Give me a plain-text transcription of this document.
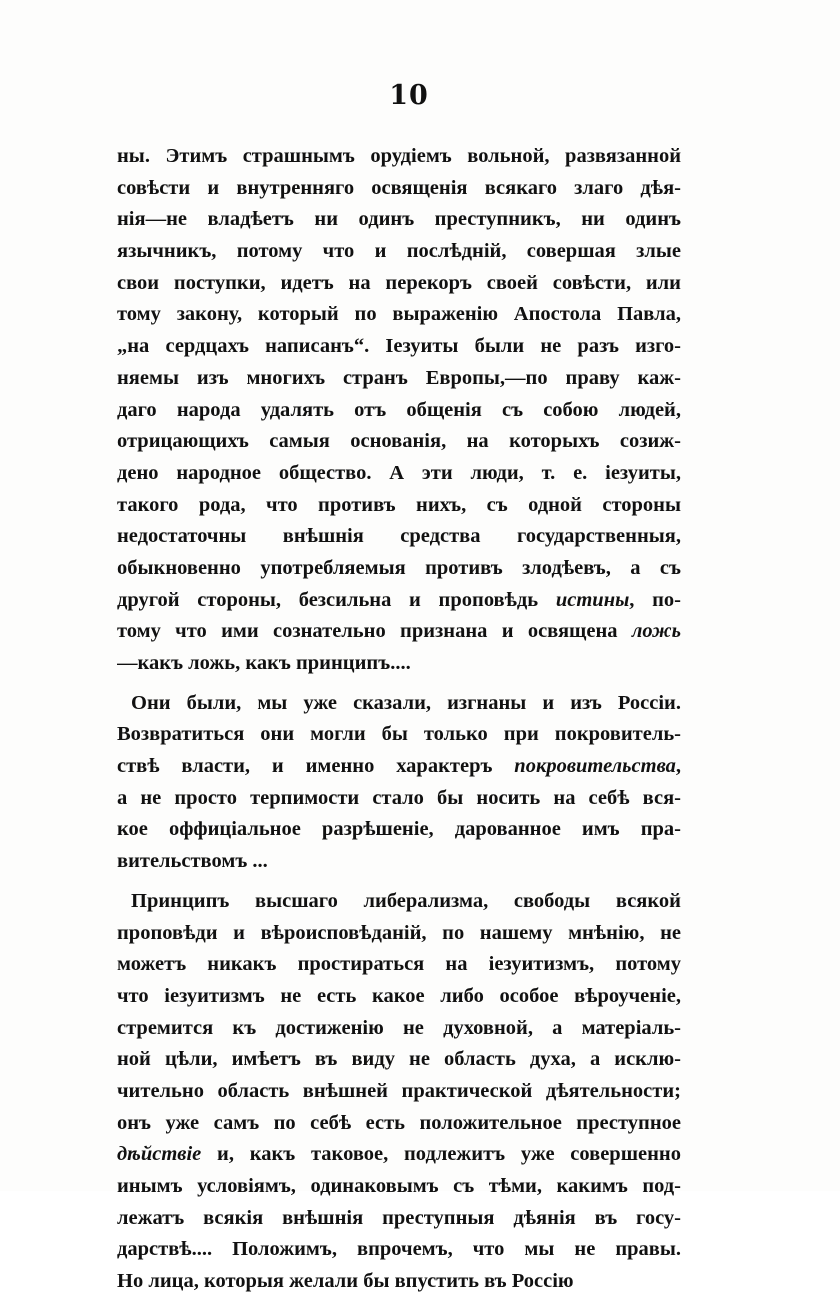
10
ны. Этимъ страшнымъ орудіемъ вольной, развязанной
совѣсти и внутренняго освященія всякаго злаго дѣя-
нія—не владѣетъ ни одинъ преступникъ, ни одинъ
язычникъ, потому что и послѣдній, совершая злые
свои поступки, идетъ на перекоръ своей совѣсти, или
тому закону, который по выраженію Апостола Павла,
„на сердцахъ написанъ“. Іезуиты были не разъ изго-
няемы изъ многихъ странъ Европы,—по праву каж-
даго народа удалять отъ общенія съ собою людей,
отрицающихъ самыя основанія, на которыхъ созиж-
дено народное общество. А эти люди, т. е. іезуиты,
такого рода, что противъ нихъ, съ одной стороны
недостаточны внѣшнія средства государственныя,
обыкновенно употребляемыя противъ злодѣевъ, а съ
другой стороны, безсильна и проповѣдь истины, по-
тому что ими сознательно признана и освящена ложь
—какъ ложь, какъ принципъ....
Они были, мы уже сказали, изгнаны и изъ Россіи.
Возвратиться они могли бы только при покровитель-
ствѣ власти, и именно характеръ покровительства,
а не просто терпимости стало бы носить на себѣ вся-
кое оффиціальное разрѣшеніе, дарованное имъ пра-
вительствомъ ...
Принципъ высшаго либерализма, свободы всякой
проповѣди и вѣроисповѣданій, по нашему мнѣнію, не
можетъ никакъ простираться на іезуитизмъ, потому
что іезуитизмъ не есть какое либо особое вѣроученіе,
стремится къ достиженію не духовной, а матеріаль-
ной цѣли, имѣетъ въ виду не область духа, а исклю-
чительно область внѣшней практической дѣятельности;
онъ уже самъ по себѣ есть положительное преступное
дѣйствіе и, какъ таковое, подлежитъ уже совершенно
инымъ условіямъ, одинаковымъ съ тѣми, какимъ под-
лежатъ всякія внѣшнія преступныя дѣянія въ госу-
дарствѣ.... Положимъ, впрочемъ, что мы не правы.
Но лица, которыя желали бы впустить въ Россію
